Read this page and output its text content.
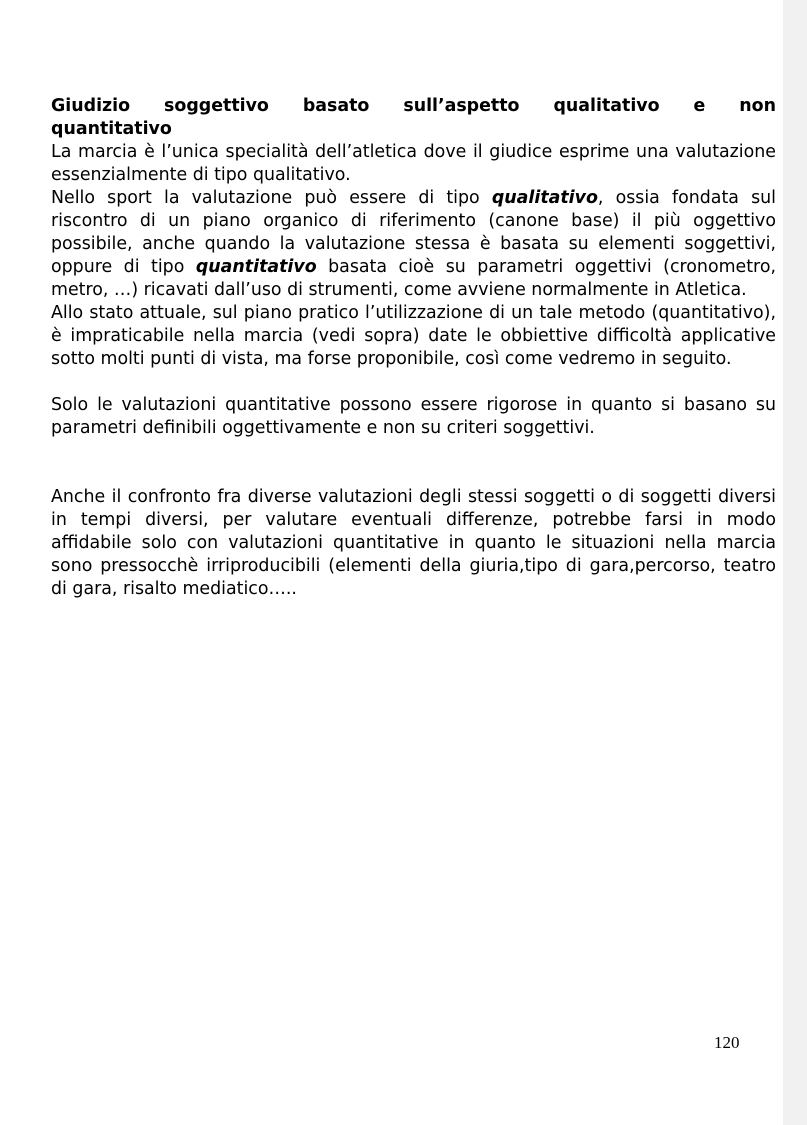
Giudizio soggettivo basato sull’aspetto qualitativo e non

quantitativo

La marcia è l’unica specialità dell’atletica dove il giudice esprime una valutazione essenzialmente di tipo qualitativo.

Nello sport la valutazione può essere di tipo qualitativo, ossia fondata sul riscontro di un piano organico di riferimento (canone base) il più oggettivo possibile, anche quando la valutazione stessa è basata su elementi soggettivi, oppure di tipo quantitativo basata cioè su parametri oggettivi (cronometro, metro, …) ricavati dall’uso di strumenti, come avviene normalmente in Atletica.

Allo stato attuale, sul piano pratico l’utilizzazione di un tale metodo (quantitativo), è impraticabile nella marcia (vedi sopra) date le obbiettive difficoltà applicative sotto molti punti di vista, ma forse proponibile, così come vedremo in seguito.

Solo le valutazioni quantitative possono essere rigorose in quanto si basano su parametri definibili oggettivamente e non su criteri soggettivi.

Anche il confronto fra diverse valutazioni degli stessi soggetti o di soggetti diversi in tempi diversi, per valutare eventuali differenze, potrebbe farsi in modo affidabile solo con valutazioni quantitative in quanto le situazioni nella marcia sono pressocchè irriproducibili (elementi della giuria,tipo di gara,percorso, teatro di gara, risalto mediatico…..

120
